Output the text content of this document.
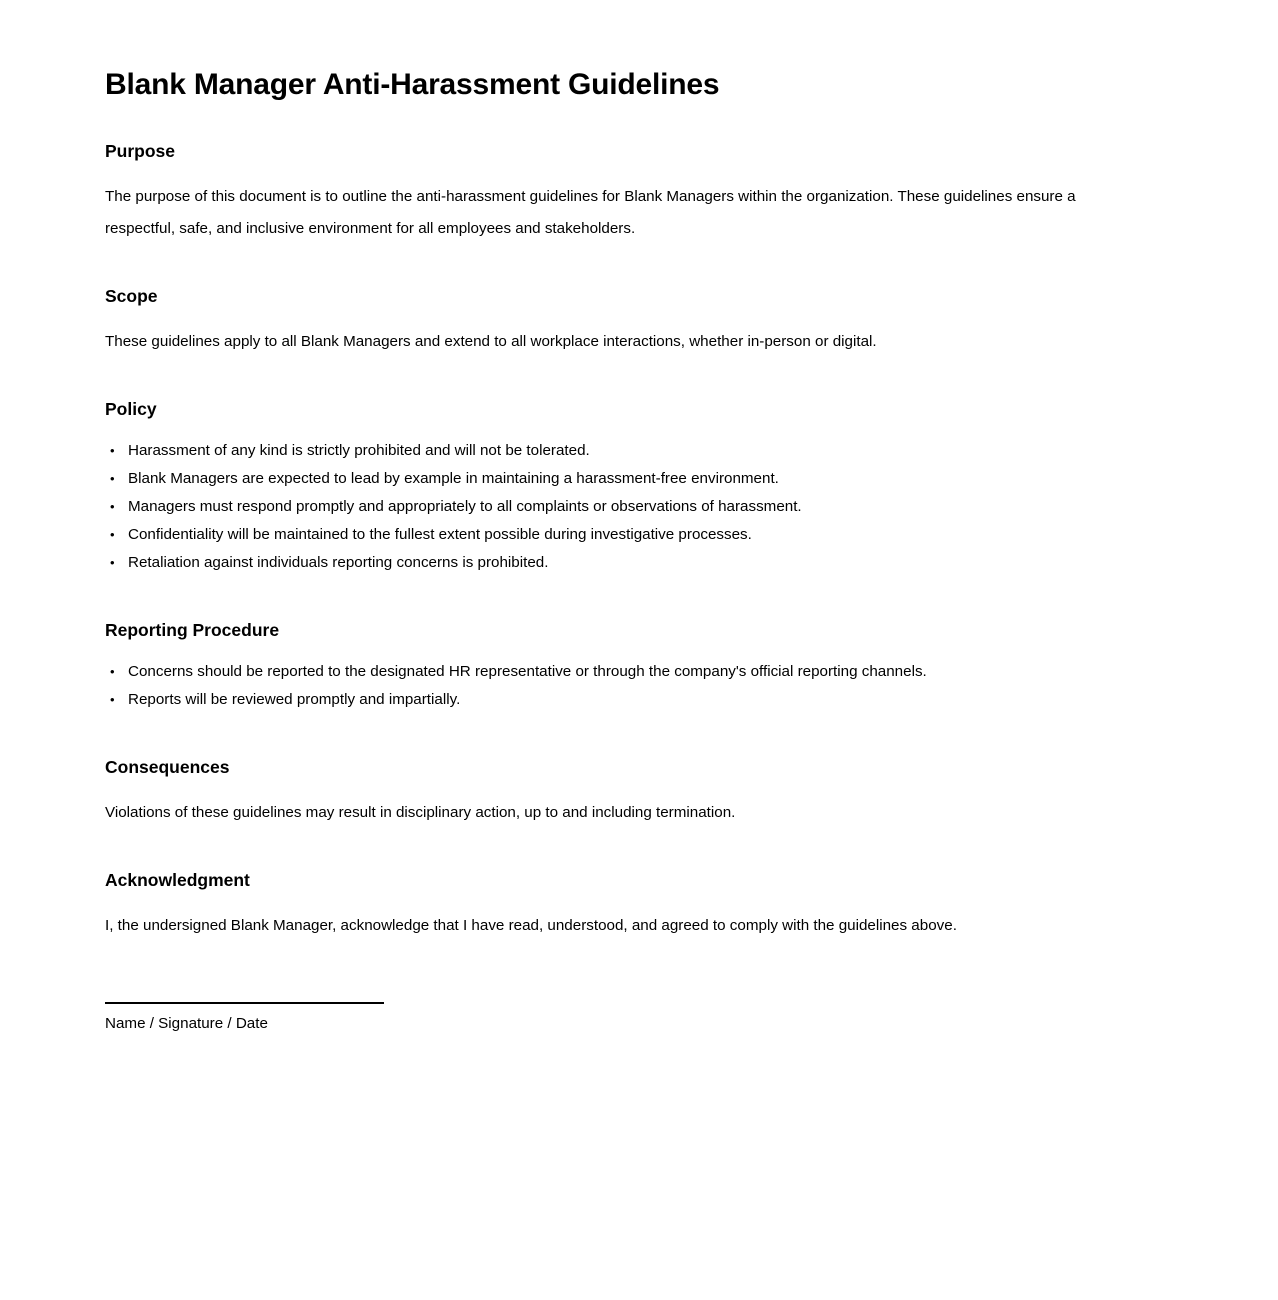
Blank Manager Anti-Harassment Guidelines
Purpose

The purpose of this document is to outline the anti-harassment guidelines for Blank Managers within the organization. These guidelines ensure a respectful, safe, and inclusive environment for all employees and stakeholders.

Scope

These guidelines apply to all Blank Managers and extend to all workplace interactions, whether in-person or digital.

Policy
• Harassment of any kind is strictly prohibited and will not be tolerated.
• Blank Managers are expected to lead by example in maintaining a harassment-free environment.
• Managers must respond promptly and appropriately to all complaints or observations of harassment.
• Confidentiality will be maintained to the fullest extent possible during investigative processes.
• Retaliation against individuals reporting concerns is prohibited.
Reporting Procedure
• Concerns should be reported to the designated HR representative or through the company's official reporting channels.
• Reports will be reviewed promptly and impartially.
Consequences

Violations of these guidelines may result in disciplinary action, up to and including termination.

Acknowledgment

I, the undersigned Blank Manager, acknowledge that I have read, understood, and agreed to comply with the guidelines above.

Name / Signature / Date
